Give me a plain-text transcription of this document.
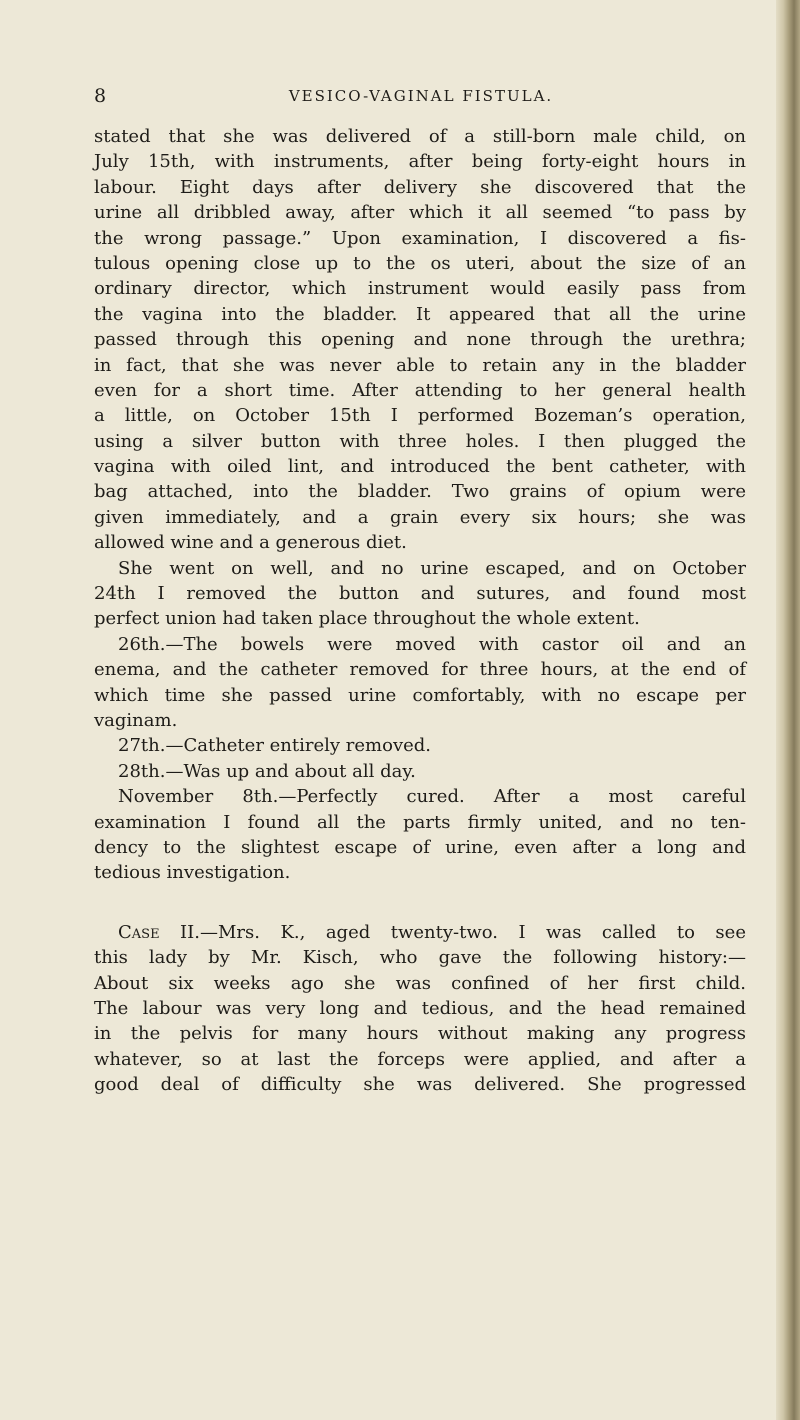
8	VESICO-VAGINAL FISTULA.
stated that she was delivered of a still-born male child, on
July 15th, with instruments, after being forty-eight hours in
labour. Eight days after delivery she discovered that the
urine all dribbled away, after which it all seemed “to pass by
the wrong passage.” Upon examination, I discovered a fis-
tulous opening close up to the os uteri, about the size of an
ordinary director, which instrument would easily pass from
the vagina into the bladder. It appeared that all the urine
passed through this opening and none through the urethra;
in fact, that she was never able to retain any in the bladder
even for a short time. After attending to her general health
a little, on October 15th I performed Bozeman’s operation,
using a silver button with three holes. I then plugged the
vagina with oiled lint, and introduced the bent catheter, with
bag attached, into the bladder. Two grains of opium were
given immediately, and a grain every six hours; she was
allowed wine and a generous diet.
She went on well, and no urine escaped, and on October
24th I removed the button and sutures, and found most
perfect union had taken place throughout the whole extent.
26th.—The bowels were moved with castor oil and an
enema, and the catheter removed for three hours, at the end of
which time she passed urine comfortably, with no escape per
vaginam.
27th.—Catheter entirely removed.
28th.—Was up and about all day.
November 8th.—Perfectly cured. After a most careful
examination I found all the parts firmly united, and no ten-
dency to the slightest escape of urine, even after a long and
tedious investigation.
Case II.—Mrs. K., aged twenty-two. I was called to see
this lady by Mr. Kisch, who gave the following history:—
About six weeks ago she was confined of her first child.
The labour was very long and tedious, and the head remained
in the pelvis for many hours without making any progress
whatever, so at last the forceps were applied, and after a
good deal of difficulty she was delivered. She progressed
